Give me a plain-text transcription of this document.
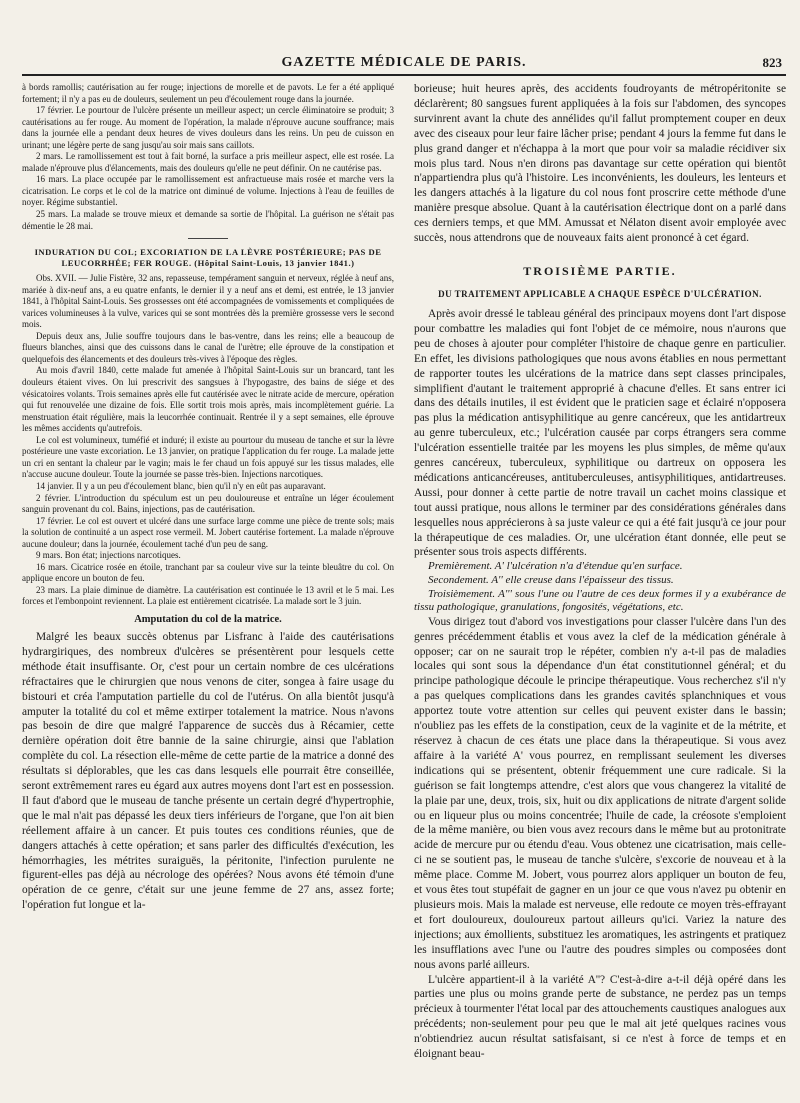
GAZETTE MÉDICALE DE PARIS.	823

à bords ramollis; cautérisation au fer rouge; injections de morelle et de pavots. Le fer a été appliqué fortement; il n'y a pas eu de douleurs, seulement un peu d'écoulement rouge dans la journée.

17 février. Le pourtour de l'ulcère présente un meilleur aspect; un cercle éliminatoire se produit; 3 cautérisations au fer rouge. Au moment de l'opération, la malade n'éprouve aucune souffrance; mais dans la journée elle a pendant deux heures de vives douleurs dans les reins. Un peu de cuisson en urinant; une légère perte de sang jusqu'au soir mais sans caillots.

2 mars. Le ramollissement est tout à fait borné, la surface a pris meilleur aspect, elle est rosée. La malade n'éprouve plus d'élancements, mais des douleurs qu'elle ne peut définir. On ne cautérise pas.

16 mars. La place occupée par le ramollissement est anfractueuse mais rosée et marche vers la cicatrisation. Le corps et le col de la matrice ont diminué de volume. Injections à l'eau de feuilles de noyer. Régime substantiel.

25 mars. La malade se trouve mieux et demande sa sortie de l'hôpital. La guérison ne s'était pas démentie le 28 mai.

INDURATION DU COL; EXCORIATION DE LA LÈVRE POSTÉRIEURE; PAS DE LEUCORRHÉE; FER ROUGE. (Hôpital Saint-Louis, 13 janvier 1841.)

Obs. XVII. — Julie Fistère, 32 ans, repasseuse, tempérament sanguin et nerveux, réglée à neuf ans, mariée à dix-neuf ans, a eu quatre enfants, le dernier il y a neuf ans et demi, est entrée, le 13 janvier 1841, à l'hôpital Saint-Louis. Ses grossesses ont été accompagnées de vomissements et compliquées de varices volumineuses à la vulve, varices qui se sont montrées dès la première grossesse vers le second mois.

Depuis deux ans, Julie souffre toujours dans le bas-ventre, dans les reins; elle a beaucoup de flueurs blanches, ainsi que des cuissons dans le canal de l'urètre; elle éprouve de la constipation et quelquefois des élancements et des douleurs très-vives à l'époque des règles.

Au mois d'avril 1840, cette malade fut amenée à l'hôpital Saint-Louis sur un brancard, tant les douleurs étaient vives. On lui prescrivit des sangsues à l'hypogastre, des bains de siége et des vésicatoires volants. Trois semaines après elle fut cautérisée avec le nitrate acide de mercure, opération qui fut renouvelée une dizaine de fois. Elle sortit trois mois après, mais incomplètement guérie. La menstruation était régulière, mais la leucorrhée continuait. Rentrée il y a sept semaines, elle éprouve les mêmes accidents qu'autrefois.

Le col est volumineux, tuméfié et induré; il existe au pourtour du museau de tanche et sur la lèvre postérieure une vaste excoriation. Le 13 janvier, on pratique l'application du fer rouge. La malade jette un cri en sentant la chaleur par le vagin; mais le fer chaud un fois appuyé sur les tissus malades, elle n'accuse aucune douleur. Toute la journée se passe très-bien. Injections narcotiques.

14 janvier. Il y a un peu d'écoulement blanc, bien qu'il n'y en eût pas auparavant.

2 février. L'introduction du spéculum est un peu douloureuse et entraîne un léger écoulement sanguin provenant du col. Bains, injections, pas de cautérisation.

17 février. Le col est ouvert et ulcéré dans une surface large comme une pièce de trente sols; mais la solution de continuité a un aspect rose vermeil. M. Jobert cautérise fortement. La malade n'éprouve aucune douleur; dans la journée, écoulement taché d'un peu de sang.

9 mars. Bon état; injections narcotiques.

16 mars. Cicatrice rosée en étoile, tranchant par sa couleur vive sur la teinte bleuâtre du col. On applique encore un bouton de feu.

23 mars. La plaie diminue de diamètre. La cautérisation est continuée le 13 avril et le 5 mai. Les forces et l'embonpoint reviennent. La plaie est entièrement cicatrisée. La malade sort le 3 juin.

Amputation du col de la matrice.

Malgré les beaux succès obtenus par Lisfranc à l'aide des cautérisations hydrargiriques, des nombreux d'ulcères se présentèrent pour lesquels cette méthode était insuffisante. Or, c'est pour un certain nombre de ces ulcérations réfractaires que le chirurgien que nous venons de citer, songea à faire usage du bistouri et créa l'amputation partielle du col de l'utérus. On alla bientôt jusqu'à amputer la totalité du col et même extirper totalement la matrice. Nous n'avons pas besoin de dire que malgré l'apparence de succès dus à Récamier, cette dernière opération doit être bannie de la saine chirurgie, ainsi que l'ablation complète du col. La résection elle-même de cette partie de la matrice a donné des résultats si déplorables, que les cas dans lesquels elle pourrait être conseillée, seront extrêmement rares eu égard aux autres moyens dont l'art est en possession. Il faut d'abord que le museau de tanche présente un certain degré d'hypertrophie, que le mal n'ait pas dépassé les deux tiers inférieurs de l'organe, que l'on ait bien réellement affaire à un cancer. Et puis toutes ces conditions réunies, que de dangers attachés à cette opération; et sans parler des difficultés d'exécution, les hémorrhagies, les métrites suraiguës, la péritonite, l'infection purulente ne figurent-elles pas déjà au nécrologe des opérées? Nous avons été témoin d'une opération de ce genre, c'était sur une jeune femme de 27 ans, assez forte; l'opération fut longue et la-

borieuse; huit heures après, des accidents foudroyants de métropéritonite se déclarèrent; 80 sangsues furent appliquées à la fois sur l'abdomen, des syncopes survinrent avant la chute des annélides qu'il fallut promptement couper en deux avec des ciseaux pour leur faire lâcher prise; pendant 4 jours la femme fut dans le plus grand danger et n'échappa à la mort que pour voir sa maladie récidiver six mois plus tard. Nous n'en dirons pas davantage sur cette opération qui bientôt n'appartiendra plus qu'à l'histoire. Les inconvénients, les douleurs, les lenteurs et les dangers attachés à la ligature du col nous font proscrire cette méthode d'une manière presque absolue. Quant à la cautérisation électrique dont on a parlé dans ces derniers temps, et que MM. Amussat et Nélaton disent avoir employée avec succès, nous attendrons que de nouveaux faits aient prononcé à cet égard.

TROISIÈME PARTIE.
DU TRAITEMENT APPLICABLE A CHAQUE ESPÈCE D'ULCÉRATION.

Après avoir dressé le tableau général des principaux moyens dont l'art dispose pour combattre les maladies qui font l'objet de ce mémoire, nous n'aurons que peu de choses à ajouter pour compléter l'histoire de chaque genre en particulier. En effet, les divisions pathologiques que nous avons établies en nous permettant de rapporter toutes les ulcérations de la matrice dans sept classes principales, simplifient d'autant le traitement approprié à chacune d'elles. Et sans entrer ici dans des détails inutiles, il est évident que le praticien sage et éclairé n'opposera pas plus la médication antisyphilitique au genre cancéreux, que les antidartreux au genre tuberculeux, etc.; l'ulcération causée par corps étrangers sera comme l'ulcération essentielle traitée par les moyens les plus simples, de même qu'aux genres cancéreux, tuberculeux, syphilitique ou dartreux on opposera les médications anticancéreuses, antituberculeuses, antisyphilitiques, antidartreuses. Aussi, pour donner à cette partie de notre travail un cachet moins classique et tout aussi pratique, nous allons le terminer par des considérations générales dans lesquelles nous apprécierons à sa juste valeur ce qui a été fait jusqu'à ce jour pour la thérapeutique de ces maladies. Or, une ulcération étant donnée, elle peut se présenter sous trois aspects différents.

Premièrement. A' l'ulcération n'a d'étendue qu'en surface.

Secondement. A'' elle creuse dans l'épaisseur des tissus.

Troisièmement. A''' sous l'une ou l'autre de ces deux formes il y a exubérance de tissu pathologique, granulations, fongosités, végétations, etc.

Vous dirigez tout d'abord vos investigations pour classer l'ulcère dans l'un des genres précédemment établis et vous avez la clef de la médication générale à opposer; car on ne saurait trop le répéter, combien n'y a-t-il pas de maladies locales qui sont sous la dépendance d'un état constitutionnel général; et du principe pathologique découle le principe thérapeutique. Vous recherchez s'il n'y a pas quelques complications dans les grandes cavités splanchniques et vous apportez toute votre attention sur celles qui peuvent exister dans le bassin; n'oubliez pas les effets de la constipation, ceux de la vaginite et de la métrite, et réservez à chacun de ces états une place dans la thérapeutique. Si vous avez affaire à la variété A' vous pourrez, en remplissant seulement les diverses indications qui se présentent, obtenir fréquemment une cure radicale. Si la guérison se fait longtemps attendre, c'est alors que vous changerez la vitalité de la plaie par une, deux, trois, six, huit ou dix applications de nitrate d'argent solide ou en liqueur plus ou moins concentrée; l'huile de cade, la créosote s'emploient de la même manière, ou bien vous avez recours dans le même but au protonitrate acide de mercure pur ou étendu d'eau. Vous obtenez une cicatrisation, mais celle-ci ne se soutient pas, le museau de tanche s'ulcère, s'excorie de nouveau et à la même place. Comme M. Jobert, vous pourrez alors appliquer un bouton de feu, et vous êtes tout stupéfait de gagner en un jour ce que vous n'avez pu obtenir en plusieurs mois. Mais la malade est nerveuse, elle redoute ce moyen très-effrayant et fort douloureux, douloureux partout ailleurs qu'ici. Variez la nature des injections; aux émollients, substituez les aromatiques, les astringents et pratiquez les insufflations avec l'une ou l'autre des poudres simples ou composées dont nous avons parlé ailleurs.

L'ulcère appartient-il à la variété A''? C'est-à-dire a-t-il déjà opéré dans les parties une plus ou moins grande perte de substance, ne perdez pas un temps précieux à tourmenter l'état local par des attouchements caustiques analogues aux précédents; non-seulement pour peu que le mal ait jeté quelques racines vous n'obtiendriez aucun résultat satisfaisant, si ce n'est à force de temps et en éloignant beau-
